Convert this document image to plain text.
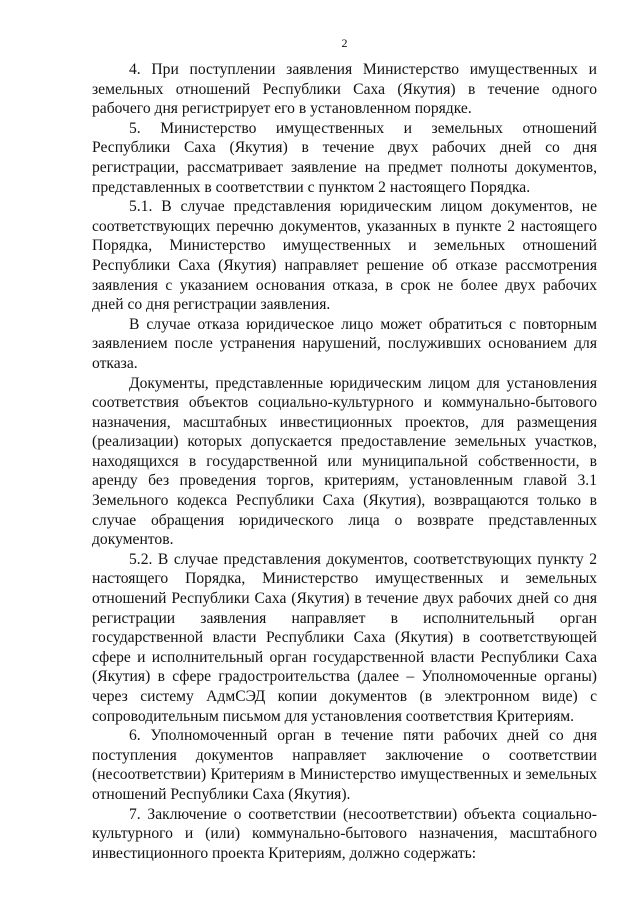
2

4. При поступлении заявления Министерство имущественных и земельных отношений Республики Саха (Якутия) в течение одного рабочего дня регистрирует его в установленном порядке.

5. Министерство имущественных и земельных отношений Республики Саха (Якутия) в течение двух рабочих дней со дня регистрации, рассматривает заявление на предмет полноты документов, представленных в соответствии с пунктом 2 настоящего Порядка.

5.1. В случае представления юридическим лицом документов, не соответствующих перечню документов, указанных в пункте 2 настоящего Порядка, Министерство имущественных и земельных отношений Республики Саха (Якутия) направляет решение об отказе рассмотрения заявления с указанием основания отказа, в срок не более двух рабочих дней со дня регистрации заявления.

В случае отказа юридическое лицо может обратиться с повторным заявлением после устранения нарушений, послуживших основанием для отказа.

Документы, представленные юридическим лицом для установления соответствия объектов социально-культурного и коммунально-бытового назначения, масштабных инвестиционных проектов, для размещения (реализации) которых допускается предоставление земельных участков, находящихся в государственной или муниципальной собственности, в аренду без проведения торгов, критериям, установленным главой 3.1 Земельного кодекса Республики Саха (Якутия), возвращаются только в случае обращения юридического лица о возврате представленных документов.

5.2. В случае представления документов, соответствующих пункту 2 настоящего Порядка, Министерство имущественных и земельных отношений Республики Саха (Якутия) в течение двух рабочих дней со дня регистрации заявления направляет в исполнительный орган государственной власти Республики Саха (Якутия) в соответствующей сфере и исполнительный орган государственной власти Республики Саха (Якутия) в сфере градостроительства (далее – Уполномоченные органы) через систему АдмСЭД копии документов (в электронном виде) с сопроводительным письмом для установления соответствия Критериям.

6. Уполномоченный орган в течение пяти рабочих дней со дня поступления документов направляет заключение о соответствии (несоответствии) Критериям в Министерство имущественных и земельных отношений Республики Саха (Якутия).

7. Заключение о соответствии (несоответствии) объекта социально-культурного и (или) коммунально-бытового назначения, масштабного инвестиционного проекта Критериям, должно содержать:
